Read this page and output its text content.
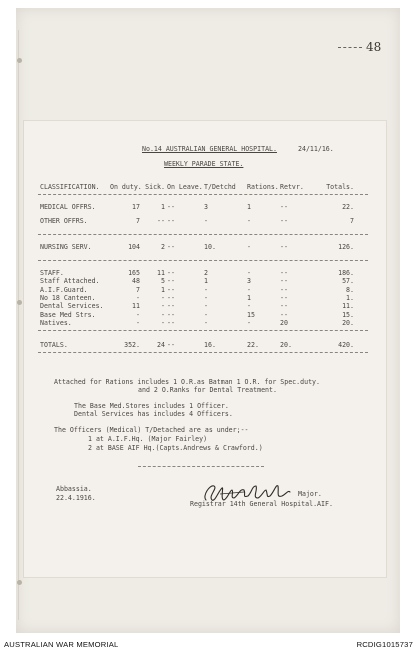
48
No.14 AUSTRALIAN GENERAL HOSPITAL.	24/11/16.
WEEKLY PARADE STATE.
CLASSIFICATION.	On duty. Sick. On Leave. T/Detchd	Rations. Retvr.	Totals.
MEDICAL OFFRS.	17	1 --	3	1	--	22.
OTHER OFFRS.	7	-- --	-	-	--	7
NURSING SERV.	104	2 --	10.	-	--	126.
STAFF.	165	11 --	2	-	--	186.
Staff Attached.	48	5 --	1	3	--	57.
A.I.F.Guard.	7	1 --	-	-	--	8.
No 18 Canteen.	-	- --	-	1	--	1.
Dental Services.	11	- --	-	-	--	11.
Base Med Strs.	-	- --	-	15	--	15.
Natives.	-	- --	-	-	20	20.
TOTALS.	352.	24 --	16.	22.	20.	420.
Attached for Rations includes 1 O.R.as Batman 1 O.R. for Spec.duty.
and 2 O.Ranks for Dental Treatment.
The Base Med.Stores includes 1 Officer.
Dental Services has includes 4 Officers.
The Officers (Medical) T/Detached are as under;--
1 at A.I.F.Hq. (Major Fairley)
2 at BASE AIF Hq.(Capts.Andrews & Crawford.)
Abbassia.
22.4.1916.	Major.
Registrar 14th General Hospital.AIF.
AUSTRALIAN WAR MEMORIAL	RCDIG1015737
